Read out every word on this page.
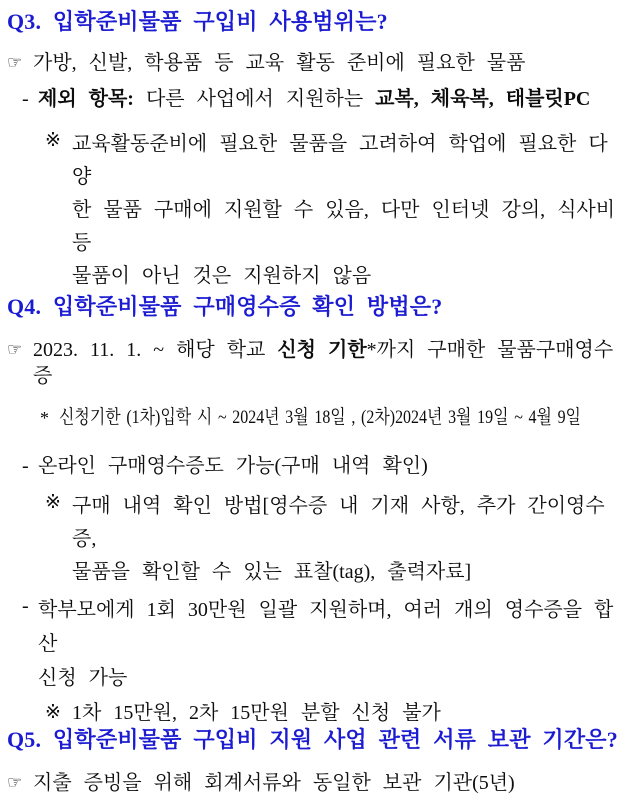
Q3. 입학준비물품 구입비 사용범위는?
☞ 가방, 신발, 학용품 등 교육 활동 준비에 필요한 물품
- 제외 항목: 다른 사업에서 지원하는 교복, 체육복, 태블릿PC
※ 교육활동준비에 필요한 물품을 고려하여 학업에 필요한 다양
한 물품 구매에 지원할 수 있음, 다만 인터넷 강의, 식사비 등
물품이 아닌 것은 지원하지 않음
Q4. 입학준비물품 구매영수증 확인 방법은?
☞ 2023. 11. 1. ~ 해당 학교 신청 기한*까지 구매한 물품구매영수증
* 신청기한 (1차)입학 시 ~ 2024년 3월 18일 , (2차)2024년 3월 19일 ~ 4월 9일
- 온라인 구매영수증도 가능(구매 내역 확인)
※ 구매 내역 확인 방법[영수증 내 기재 사항, 추가 간이영수증,
물품을 확인할 수 있는 표찰(tag), 출력자료]
- 학부모에게 1회 30만원 일괄 지원하며, 여러 개의 영수증을 합산
신청 가능
※ 1차 15만원, 2차 15만원 분할 신청 불가
Q5. 입학준비물품 구입비 지원 사업 관련 서류 보관 기간은?
☞ 지출 증빙을 위해 회계서류와 동일한 보관 기관(5년)
